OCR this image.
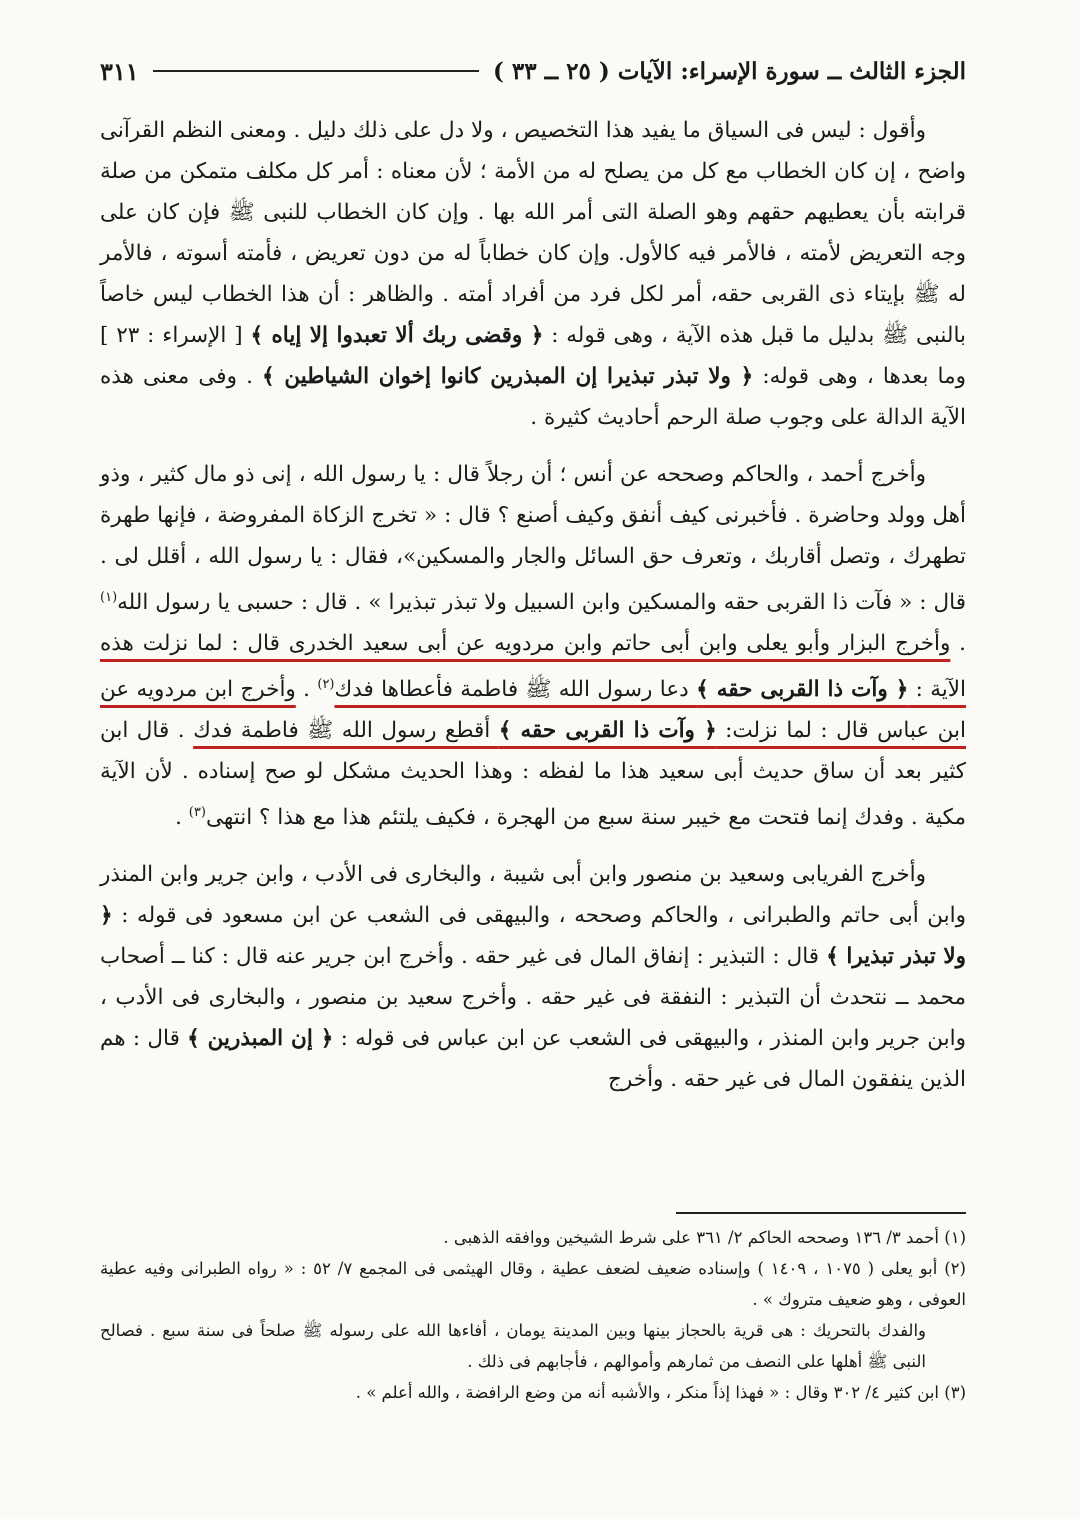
الجزء الثالث ــ سورة الإسراء: الآيات ( ٢٥ ــ ٣٣ )
٣١١

وأقول : ليس فى السياق ما يفيد هذا التخصيص ، ولا دل على ذلك دليل . ومعنى النظم القرآنى واضح ، إن كان الخطاب مع كل من يصلح له من الأمة ؛ لأن معناه : أمر كل مكلف متمكن من صلة قرابته بأن يعطيهم حقهم وهو الصلة التى أمر الله بها . وإن كان الخطاب للنبى ﷺ فإن كان على وجه التعريض لأمته ، فالأمر فيه كالأول. وإن كان خطاباً له من دون تعريض ، فأمته أسوته ، فالأمر له ﷺ بإيتاء ذى القربى حقه، أمر لكل فرد من أفراد أمته . والظاهر : أن هذا الخطاب ليس خاصاً بالنبى ﷺ بدليل ما قبل هذه الآية ، وهى قوله : ﴿ وقضى ربك ألا تعبدوا إلا إياه ﴾ [ الإسراء : ٢٣ ] وما بعدها ، وهى قوله: ﴿ ولا تبذر تبذيرا إن المبذرين كانوا إخوان الشياطين ﴾ . وفى معنى هذه الآية الدالة على وجوب صلة الرحم أحاديث كثيرة .

وأخرج أحمد ، والحاكم وصححه عن أنس ؛ أن رجلاً قال : يا رسول الله ، إنى ذو مال كثير ، وذو أهل وولد وحاضرة . فأخبرنى كيف أنفق وكيف أصنع ؟ قال : « تخرج الزكاة المفروضة ، فإنها طهرة تطهرك ، وتصل أقاربك ، وتعرف حق السائل والجار والمسكين»، فقال : يا رسول الله ، أقلل لى . قال : « فآت ذا القربى حقه والمسكين وابن السبيل ولا تبذر تبذيرا » . قال : حسبى يا رسول الله$^{(١)}$ . وأخرج البزار وأبو يعلى وابن أبى حاتم وابن مردويه عن أبى سعيد الخدرى قال : لما نزلت هذه الآية : ﴿ وآت ذا القربى حقه ﴾ دعا رسول الله ﷺ فاطمة فأعطاها فدك$^{(٢)}$ . وأخرج ابن مردويه عن ابن عباس قال : لما نزلت: ﴿ وآت ذا القربى حقه ﴾ أقطع رسول الله ﷺ فاطمة فدك . قال ابن كثير بعد أن ساق حديث أبى سعيد هذا ما لفظه : وهذا الحديث مشكل لو صح إسناده . لأن الآية مكية . وفدك إنما فتحت مع خيبر سنة سبع من الهجرة ، فكيف يلتئم هذا مع هذا ؟ انتهى$^{(٣)}$ .

وأخرج الفريابى وسعيد بن منصور وابن أبى شيبة ، والبخارى فى الأدب ، وابن جرير وابن المنذر وابن أبى حاتم والطبرانى ، والحاكم وصححه ، والبيهقى فى الشعب عن ابن مسعود فى قوله : ﴿ ولا تبذر تبذيرا ﴾ قال : التبذير : إنفاق المال فى غير حقه . وأخرج ابن جرير عنه قال : كنا ــ أصحاب محمد ــ نتحدث أن التبذير : النفقة فى غير حقه . وأخرج سعيد بن منصور ، والبخارى فى الأدب ، وابن جرير وابن المنذر ، والبيهقى فى الشعب عن ابن عباس فى قوله : ﴿ إن المبذرين ﴾ قال : هم الذين ينفقون المال فى غير حقه . وأخرج

(١) أحمد ٣/ ١٣٦ وصححه الحاكم ٢/ ٣٦١ على شرط الشيخين ووافقه الذهبى .

(٢) أبو يعلى ( ١٠٧٥ ، ١٤٠٩ ) وإسناده ضعيف لضعف عطية ، وقال الهيثمى فى المجمع ٧/ ٥٢ : « رواه الطبرانى وفيه عطية العوفى ، وهو ضعيف متروك » .

والفدك بالتحريك : هى قرية بالحجاز بينها وبين المدينة يومان ، أفاءها الله على رسوله ﷺ صلحاً فى سنة سبع . فصالح النبى ﷺ أهلها على النصف من ثمارهم وأموالهم ، فأجابهم فى ذلك .

(٣) ابن كثير ٤/ ٣٠٢ وقال : « فهذا إذاً منكر ، والأشبه أنه من وضع الرافضة ، والله أعلم » .
